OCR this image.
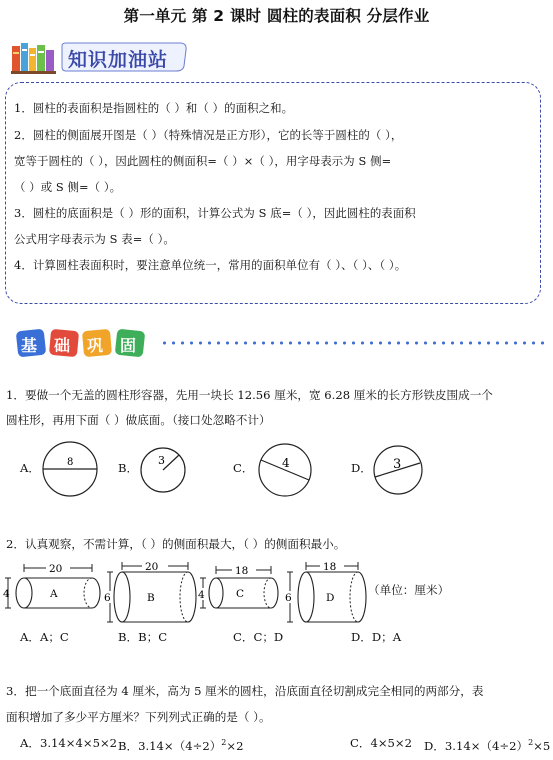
第一单元 第 2 课时 圆柱的表面积 分层作业
知识加油站
1．圆柱的表面积是指圆柱的（ ）和（ ）的面积之和。
2．圆柱的侧面展开图是（ ）（特殊情况是正方形），它的长等于圆柱的（ ），
宽等于圆柱的（ ），因此圆柱的侧面积=（ ）×（ ），用字母表示为 S 侧=
（ ）或 S 侧=（ ）。
3．圆柱的底面积是（ ）形的面积，计算公式为 S 底=（ ），因此圆柱的表面积
公式用字母表示为 S 表=（ ）。
4．计算圆柱表面积时，要注意单位统一，常用的面积单位有（ ）、（ ）、（ ）。
基 础 巩 固
1．要做一个无盖的圆柱形容器，先用一块长 12.56 厘米，宽 6.28 厘米的长方形铁皮围成一个
圆柱形，再用下面（ ）做底面。（接口处忽略不计）
A．	8	B．
3
C． 4	D． 3
2．认真观察，不需计算，（ ）的侧面积最大，（ ）的侧面积最小。
20
4	A
20
6	B
18
4	C
18
6	D
（单位：厘米）
A．A；C	B．B；C	C．C；D	D．D；A
3．把一个底面直径为 4 厘米，高为 5 厘米的圆柱，沿底面直径切割成完全相同的两部分，表
面积增加了多少平方厘米？下列列式正确的是（ ）。
A．3.14×4×5×2 B．$3.14\times(4\div 2)^2\times 2$	C．4×5×2 D．$3.14\times(4\div 2)^2\times 5$
